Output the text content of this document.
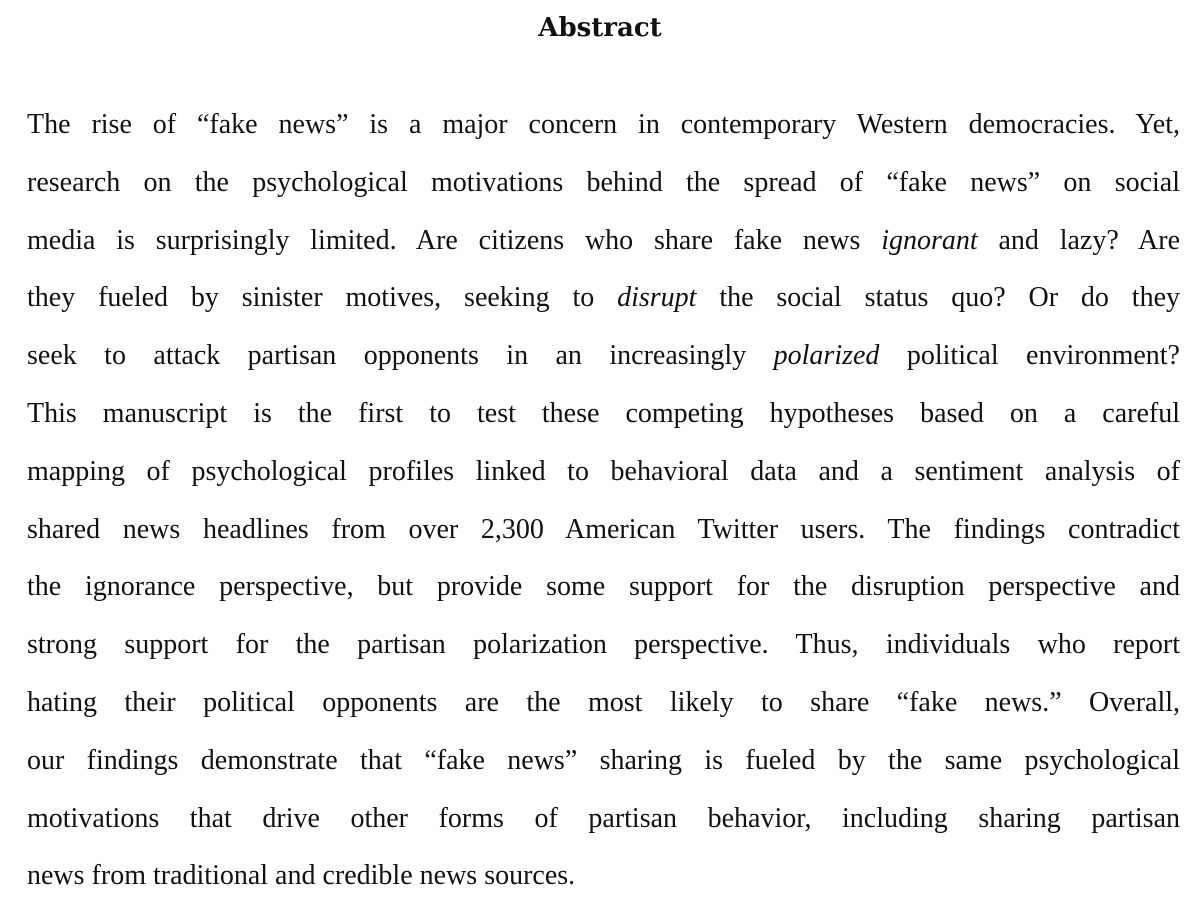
Abstract

The rise of “fake news” is a major concern in contemporary Western democracies. Yet,
research on the psychological motivations behind the spread of “fake news” on social
media is surprisingly limited. Are citizens who share fake news ignorant and lazy? Are
they fueled by sinister motives, seeking to disrupt the social status quo? Or do they
seek to attack partisan opponents in an increasingly polarized political environment?
This manuscript is the first to test these competing hypotheses based on a careful
mapping of psychological profiles linked to behavioral data and a sentiment analysis of
shared news headlines from over 2,300 American Twitter users. The findings contradict
the ignorance perspective, but provide some support for the disruption perspective and
strong support for the partisan polarization perspective. Thus, individuals who report
hating their political opponents are the most likely to share “fake news.” Overall,
our findings demonstrate that “fake news” sharing is fueled by the same psychological
motivations that drive other forms of partisan behavior, including sharing partisan
news from traditional and credible news sources.
